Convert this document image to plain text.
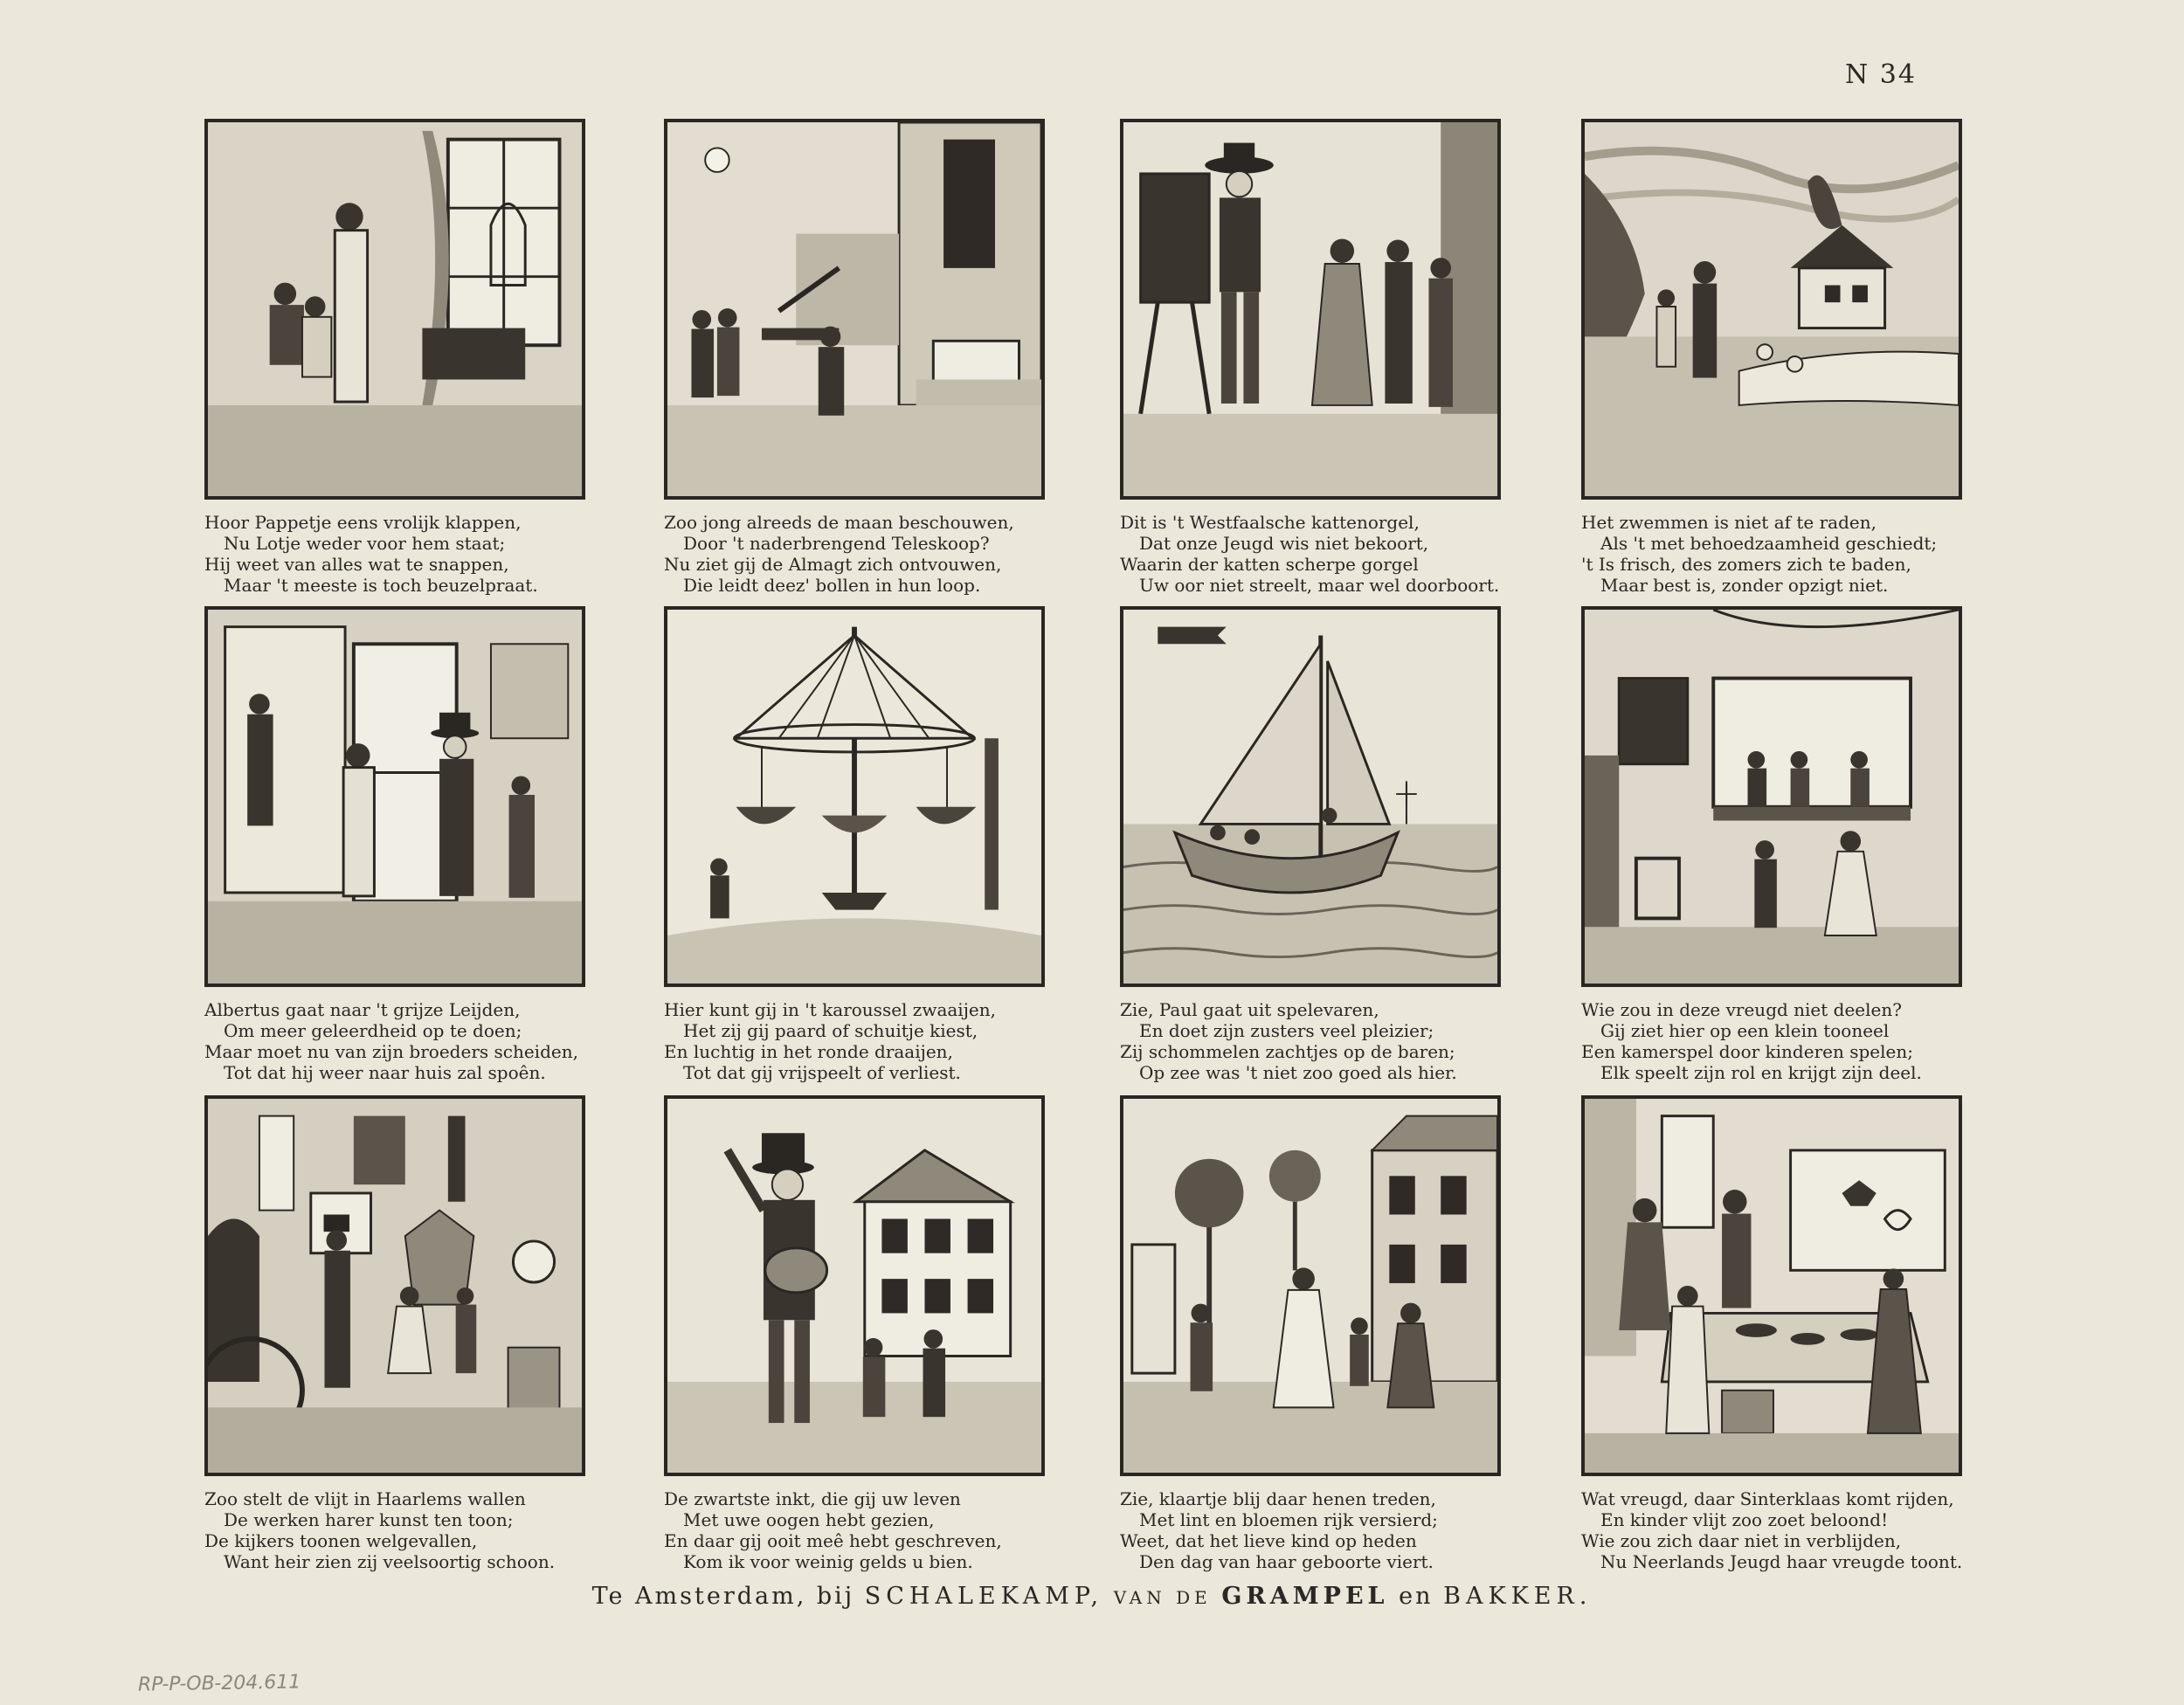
N 34
Hoor Pappetje eens vrolijk klappen,
Nu Lotje weder voor hem staat;
Hij weet van alles wat te snappen,
Maar 't meeste is toch beuzelpraat.
Zoo jong alreeds de maan beschouwen,
Door 't naderbrengend Teleskoop?
Nu ziet gij de Almagt zich ontvouwen,
Die leidt deez' bollen in hun loop.
Dit is 't Westfaalsche kattenorgel,
Dat onze Jeugd wis niet bekoort,
Waarin der katten scherpe gorgel
Uw oor niet streelt, maar wel doorboort.
Het zwemmen is niet af te raden,
Als 't met behoedzaamheid geschiedt;
't Is frisch, des zomers zich te baden,
Maar best is, zonder opzigt niet.
Albertus gaat naar 't grijze Leijden,
Om meer geleerdheid op te doen;
Maar moet nu van zijn broeders scheiden,
Tot dat hij weer naar huis zal spoên.
Hier kunt gij in 't karoussel zwaaijen,
Het zij gij paard of schuitje kiest,
En luchtig in het ronde draaijen,
Tot dat gij vrijspeelt of verliest.
Zie, Paul gaat uit spelevaren,
En doet zijn zusters veel pleizier;
Zij schommelen zachtjes op de baren;
Op zee was 't niet zoo goed als hier.
Wie zou in deze vreugd niet deelen?
Gij ziet hier op een klein tooneel
Een kamerspel door kinderen spelen;
Elk speelt zijn rol en krijgt zijn deel.
Zoo stelt de vlijt in Haarlems wallen
De werken harer kunst ten toon;
De kijkers toonen welgevallen,
Want heir zien zij veelsoortig schoon.
De zwartste inkt, die gij uw leven
Met uwe oogen hebt gezien,
En daar gij ooit meê hebt geschreven,
Kom ik voor weinig gelds u bien.
Zie, klaartje blij daar henen treden,
Met lint en bloemen rijk versierd;
Weet, dat het lieve kind op heden
Den dag van haar geboorte viert.
Wat vreugd, daar Sinterklaas komt rijden,
En kinder vlijt zoo zoet beloond!
Wie zou zich daar niet in verblijden,
Nu Neerlands Jeugd haar vreugde toont.
Te Amsterdam, bij SCHALEKAMP, VAN DE GRAMPEL en BAKKER.
RP-P-OB-204.611
